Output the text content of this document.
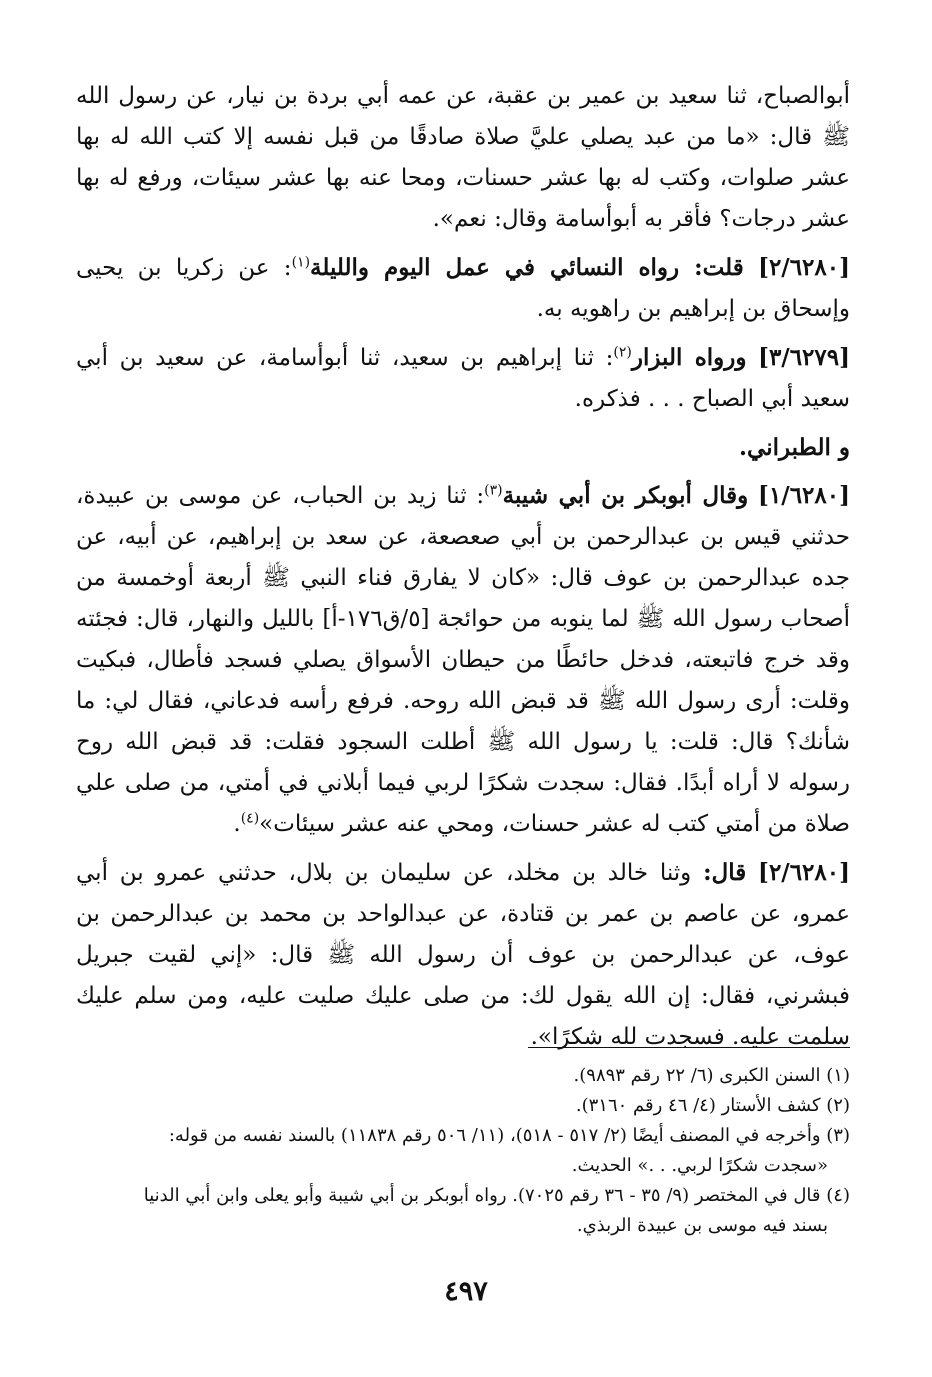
أبوالصباح، ثنا سعيد بن عمير بن عقبة، عن عمه أبي بردة بن نيار، عن رسول الله ﷺ قال: «ما من عبد يصلي عليَّ صلاة صادقًا من قبل نفسه إلا كتب الله له بها عشر صلوات، وكتب له بها عشر حسنات، ومحا عنه بها عشر سيئات، ورفع له بها عشر درجات؟ فأقر به أبوأسامة وقال: نعم».

[٢/٦٢٨٠] قلت: رواه النسائي في عمل اليوم والليلة$^{(١)}$: عن زكريا بن يحيى وإسحاق بن إبراهيم بن راهويه به.

[٣/٦٢٧٩] ورواه البزار$^{(٢)}$: ثنا إبراهيم بن سعيد، ثنا أبوأسامة، عن سعيد بن أبي سعيد أبي الصباح . . . فذكره.

و الطبراني.

[١/٦٢٨٠] وقال أبوبكر بن أبي شيبة$^{(٣)}$: ثنا زيد بن الحباب، عن موسى بن عبيدة، حدثني قيس بن عبدالرحمن بن أبي صعصعة، عن سعد بن إبراهيم، عن أبيه، عن جده عبدالرحمن بن عوف قال: «كان لا يفارق فناء النبي ﷺ أربعة أوخمسة من أصحاب رسول الله ﷺ لما ينوبه من حوائجة [٥/ق١٧٦-أ] بالليل والنهار، قال: فجئته وقد خرج فاتبعته، فدخل حائطًا من حيطان الأسواق يصلي فسجد فأطال، فبكيت وقلت: أرى رسول الله ﷺ قد قبض الله روحه. فرفع رأسه فدعاني، فقال لي: ما شأنك؟ قال: قلت: يا رسول الله ﷺ أطلت السجود فقلت: قد قبض الله روح رسوله لا أراه أبدًا. فقال: سجدت شكرًا لربي فيما أبلاني في أمتي، من صلى علي صلاة من أمتي كتب له عشر حسنات، ومحي عنه عشر سيئات»$^{(٤)}$.

[٢/٦٢٨٠] قال: وثنا خالد بن مخلد، عن سليمان بن بلال، حدثني عمرو بن أبي عمرو، عن عاصم بن عمر بن قتادة، عن عبدالواحد بن محمد بن عبدالرحمن بن عوف، عن عبدالرحمن بن عوف أن رسول الله ﷺ قال: «إني لقيت جبريل فبشرني، فقال: إن الله يقول لك: من صلى عليك صليت عليه، ومن سلم عليك سلمت عليه. فسجدت لله شكرًا».

(١) السنن الكبرى (٦/ ٢٢ رقم ٩٨٩٣).

(٢) كشف الأستار (٤/ ٤٦ رقم ٣١٦٠).

(٣) وأخرجه في المصنف أيضًا (٢/ ٥١٧ - ٥١٨)، (١١/ ٥٠٦ رقم ١١٨٣٨) بالسند نفسه من قوله:

«سجدت شكرًا لربي. . .» الحديث.

(٤) قال في المختصر (٩/ ٣٥ - ٣٦ رقم ٧٠٢٥). رواه أبوبكر بن أبي شيبة وأبو يعلى وابن أبي الدنيا

بسند فيه موسى بن عبيدة الربذي.

٤٩٧
